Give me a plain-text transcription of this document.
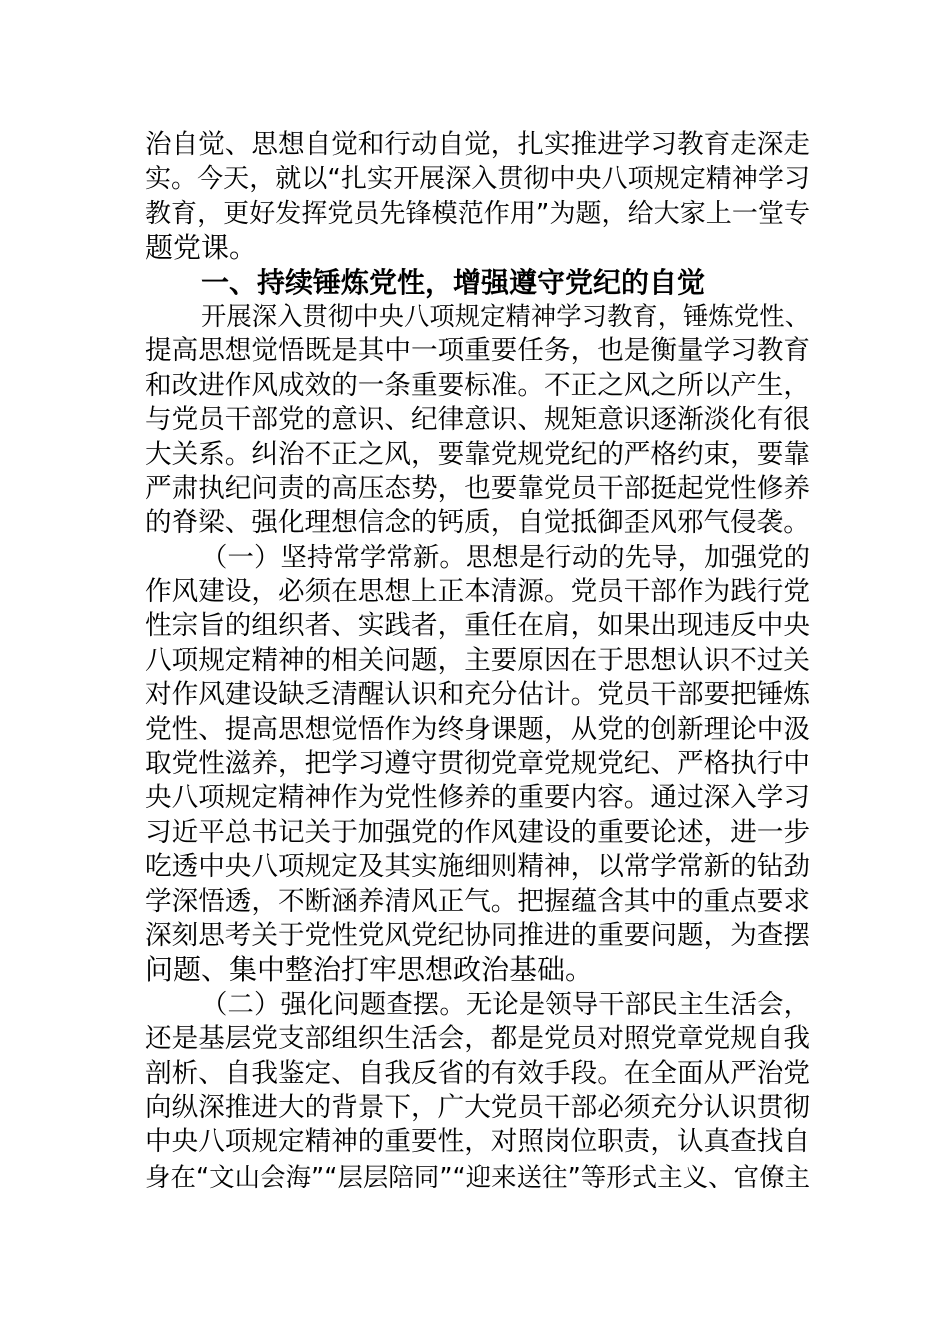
治自觉、思想自觉和行动自觉，扎实推进学习教育走深走
实。今天，就以“扎实开展深入贯彻中央八项规定精神学习
教育，更好发挥党员先锋模范作用”为题，给大家上一堂专
题党课。
一、持续锤炼党性，增强遵守党纪的自觉
开展深入贯彻中央八项规定精神学习教育，锤炼党性、
提高思想觉悟既是其中一项重要任务，也是衡量学习教育
和改进作风成效的一条重要标准。不正之风之所以产生，
与党员干部党的意识、纪律意识、规矩意识逐渐淡化有很
大关系。纠治不正之风，要靠党规党纪的严格约束，要靠
严肃执纪问责的高压态势，也要靠党员干部挺起党性修养
的脊梁、强化理想信念的钙质，自觉抵御歪风邪气侵袭。
（一）坚持常学常新。思想是行动的先导，加强党的
作风建设，必须在思想上正本清源。党员干部作为践行党
性宗旨的组织者、实践者，重任在肩，如果出现违反中央
八项规定精神的相关问题，主要原因在于思想认识不过关
对作风建设缺乏清醒认识和充分估计。党员干部要把锤炼
党性、提高思想觉悟作为终身课题，从党的创新理论中汲
取党性滋养，把学习遵守贯彻党章党规党纪、严格执行中
央八项规定精神作为党性修养的重要内容。通过深入学习
习近平总书记关于加强党的作风建设的重要论述，进一步
吃透中央八项规定及其实施细则精神，以常学常新的钻劲
学深悟透，不断涵养清风正气。把握蕴含其中的重点要求
深刻思考关于党性党风党纪协同推进的重要问题，为查摆
问题、集中整治打牢思想政治基础。
（二）强化问题查摆。无论是领导干部民主生活会，
还是基层党支部组织生活会，都是党员对照党章党规自我
剖析、自我鉴定、自我反省的有效手段。在全面从严治党
向纵深推进大的背景下，广大党员干部必须充分认识贯彻
中央八项规定精神的重要性，对照岗位职责，认真查找自
身在“文山会海”“层层陪同”“迎来送往”等形式主义、官僚主
